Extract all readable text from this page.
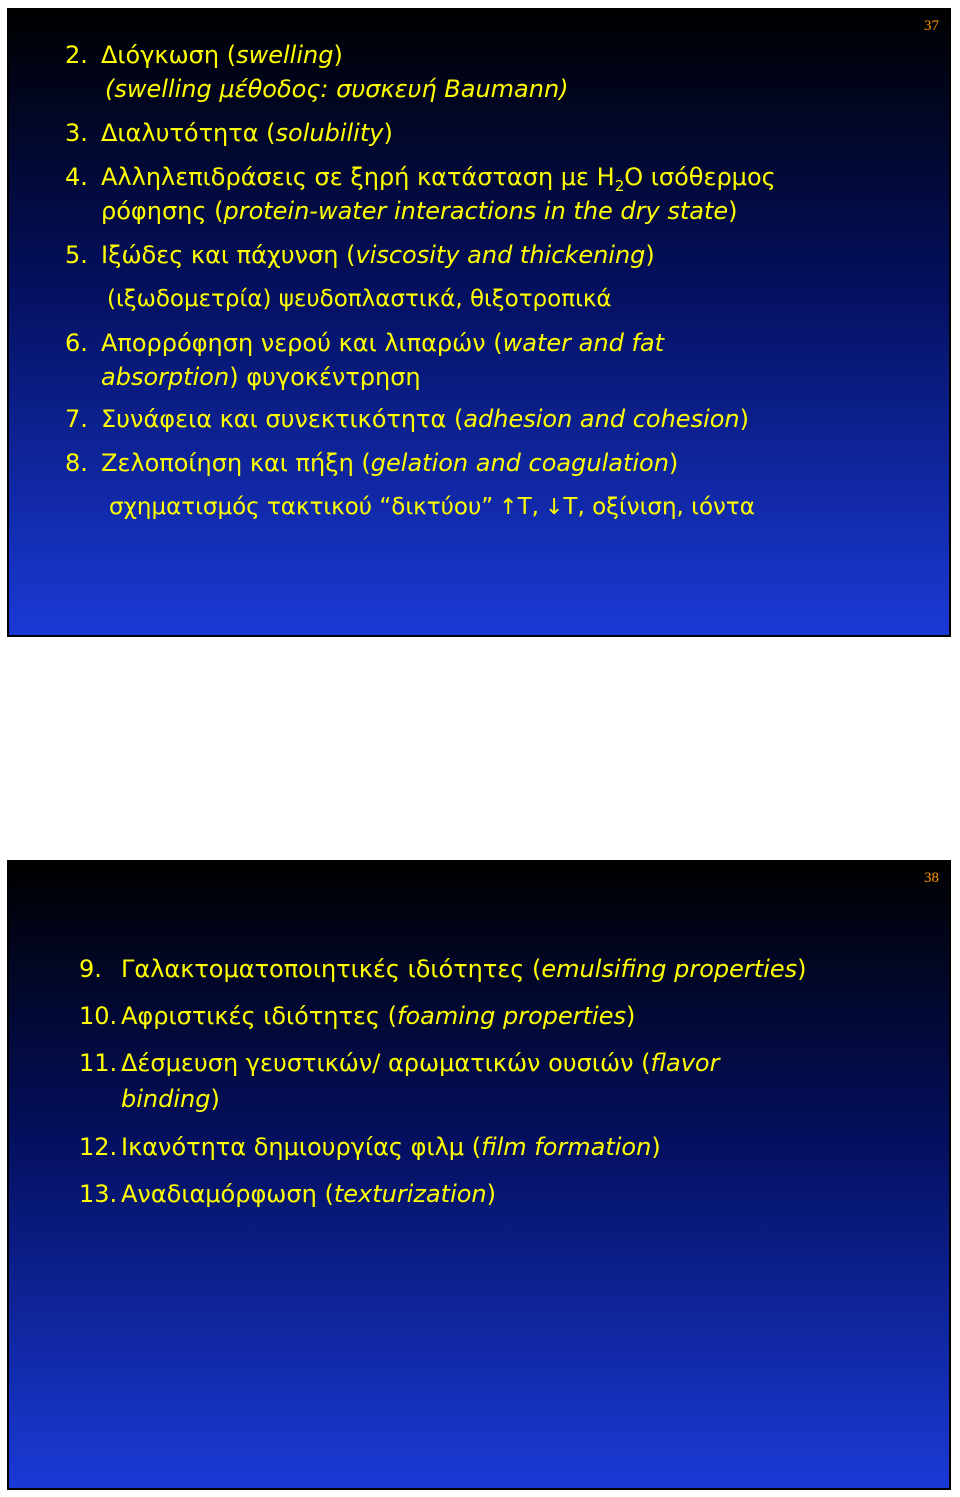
37
2. Διόγκωση (swelling)
(swelling μέθοδος: συσκευή Baumann)
3. Διαλυτότητα (solubility)
4. Αλληλεπιδράσεις σε ξηρή κατάσταση με $H_2O$ ισόθερμος
ρόφησης (protein-water interactions in the dry state)
5. Ιξώδες και πάχυνση (viscosity and thickening)
(ιξωδομετρία) ψευδοπλαστικά, θιξοτροπικά
6. Απορρόφηση νερού και λιπαρών (water and fat
absorption) φυγοκέντρηση
7. Συνάφεια και συνεκτικότητα (adhesion and cohesion)
8. Ζελοποίηση και πήξη (gelation and coagulation)
σχηματισμός τακτικού “δικτύου” ↑Τ, ↓Τ, οξίνιση, ιόντα
38
9. Γαλακτοματοποιητικές ιδιότητες (emulsifing properties)
10. Αφριστικές ιδιότητες (foaming properties)
11. Δέσμευση γευστικών/ αρωματικών ουσιών (flavor
binding)
12. Ικανότητα δημιουργίας φιλμ (film formation)
13. Αναδιαμόρφωση (texturization)
